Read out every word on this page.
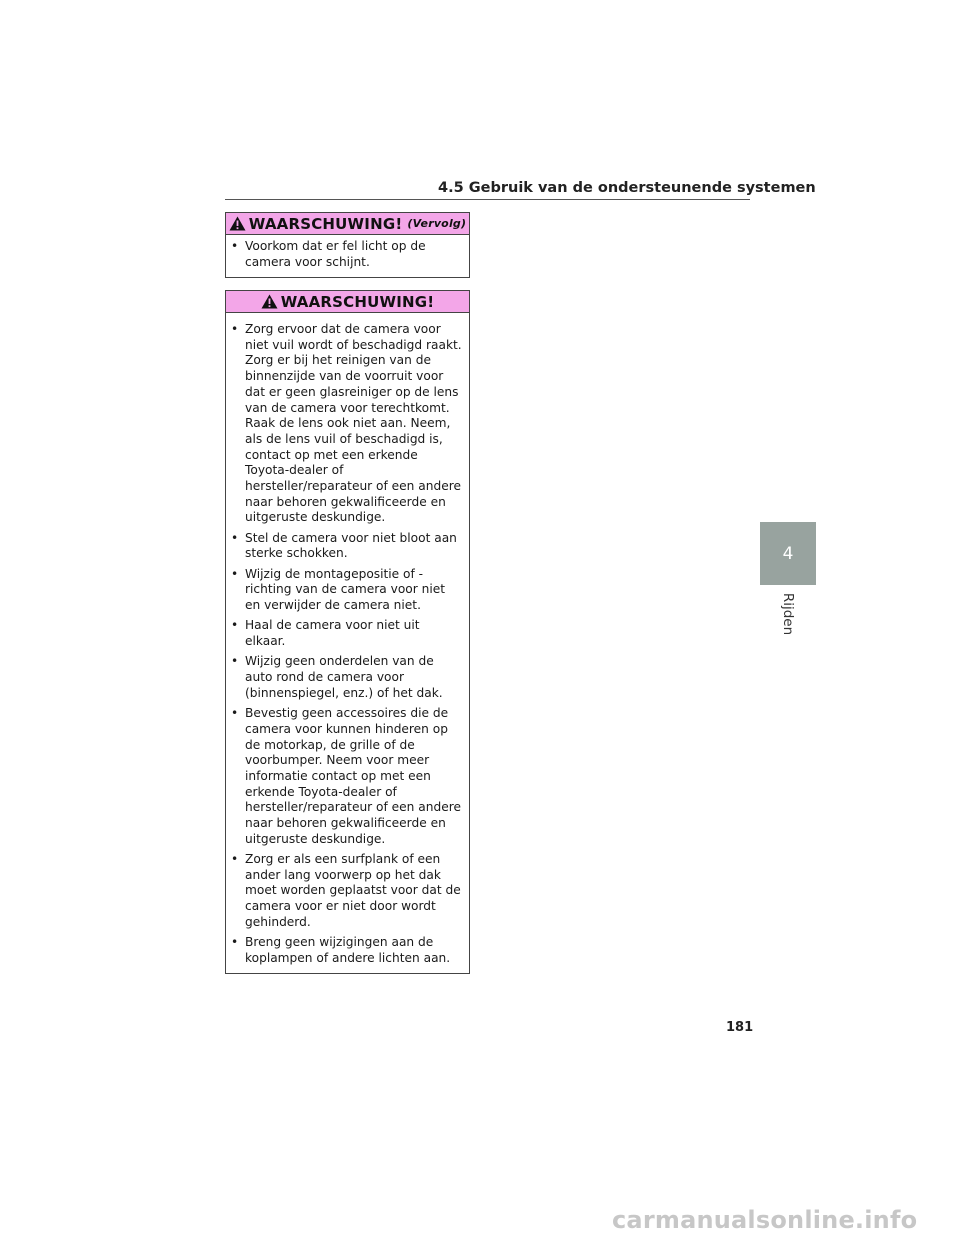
4.5 Gebruik van de ondersteunende systemen
WAARSCHUWING! (Vervolg)
• Voorkom dat er fel licht op de camera voor schijnt.
WAARSCHUWING!
• Zorg ervoor dat de camera voor niet vuil wordt of beschadigd raakt. Zorg er bij het reinigen van de binnenzijde van de voorruit voor dat er geen glasreiniger op de lens van de camera voor terechtkomt. Raak de lens ook niet aan. Neem, als de lens vuil of beschadigd is, contact op met een erkende Toyota-dealer of hersteller/reparateur of een andere naar behoren gekwalificeerde en uitgeruste deskundige.
• Stel de camera voor niet bloot aan sterke schokken.
• Wijzig de montagepositie of -richting van de camera voor niet en verwijder de camera niet.
• Haal de camera voor niet uit elkaar.
• Wijzig geen onderdelen van de auto rond de camera voor (binnenspiegel, enz.) of het dak.
• Bevestig geen accessoires die de camera voor kunnen hinderen op de motorkap, de grille of de voorbumper. Neem voor meer informatie contact op met een erkende Toyota-dealer of hersteller/reparateur of een andere naar behoren gekwalificeerde en uitgeruste deskundige.
• Zorg er als een surfplank of een ander lang voorwerp op het dak moet worden geplaatst voor dat de camera voor er niet door wordt gehinderd.
• Breng geen wijzigingen aan de koplampen of andere lichten aan.
4
Rijden
181
carmanualsonline.info
